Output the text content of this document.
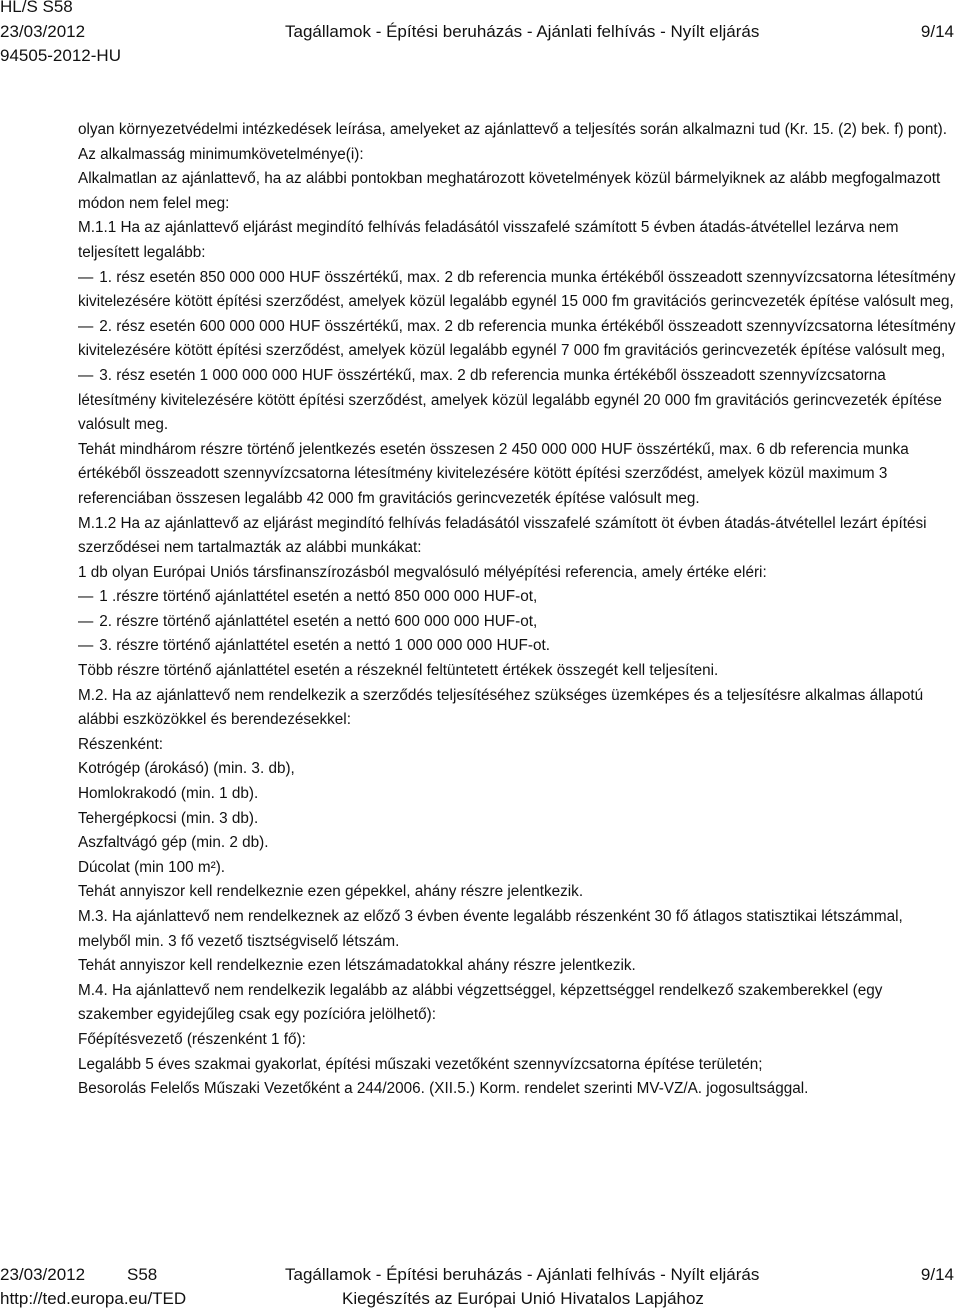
HL/S S58
23/03/2012
94505-2012-HU
Tagállamok - Építési beruházás - Ajánlati felhívás - Nyílt eljárás	9/14

olyan környezetvédelmi intézkedések leírása, amelyeket az ajánlattevő a teljesítés során alkalmazni tud (Kr. 15. (2) bek. f) pont).

Az alkalmasság minimumkövetelménye(i):

Alkalmatlan az ajánlattevő, ha az alábbi pontokban meghatározott követelmények közül bármelyiknek az alább megfogalmazott módon nem felel meg:

M.1.1 Ha az ajánlattevő eljárást megindító felhívás feladásától visszafelé számított 5 évben átadás-átvétellel lezárva nem teljesített legalább:

— 1. rész esetén 850 000 000 HUF összértékű, max. 2 db referencia munka értékéből összeadott szennyvízcsatorna létesítmény kivitelezésére kötött építési szerződést, amelyek közül legalább egynél 15 000 fm gravitációs gerincvezeték építése valósult meg,

— 2. rész esetén 600 000 000 HUF összértékű, max. 2 db referencia munka értékéből összeadott szennyvízcsatorna létesítmény kivitelezésére kötött építési szerződést, amelyek közül legalább egynél 7 000 fm gravitációs gerincvezeték építése valósult meg,

— 3. rész esetén 1 000 000 000 HUF összértékű, max. 2 db referencia munka értékéből összeadott szennyvízcsatorna létesítmény kivitelezésére kötött építési szerződést, amelyek közül legalább egynél 20 000 fm gravitációs gerincvezeték építése valósult meg.

Tehát mindhárom részre történő jelentkezés esetén összesen 2 450 000 000 HUF összértékű, max. 6 db referencia munka értékéből összeadott szennyvízcsatorna létesítmény kivitelezésére kötött építési szerződést, amelyek közül maximum 3 referenciában összesen legalább 42 000 fm gravitációs gerincvezeték építése valósult meg.

M.1.2 Ha az ajánlattevő az eljárást megindító felhívás feladásától visszafelé számított öt évben átadás-átvétellel lezárt építési szerződései nem tartalmazták az alábbi munkákat:

1 db olyan Európai Uniós társfinanszírozásból megvalósuló mélyépítési referencia, amely értéke eléri:

— 1 .részre történő ajánlattétel esetén a nettó 850 000 000 HUF-ot,

— 2. részre történő ajánlattétel esetén a nettó 600 000 000 HUF-ot,

— 3. részre történő ajánlattétel esetén a nettó 1 000 000 000 HUF-ot.

Több részre történő ajánlattétel esetén a részeknél feltüntetett értékek összegét kell teljesíteni.

M.2. Ha az ajánlattevő nem rendelkezik a szerződés teljesítéséhez szükséges üzemképes és a teljesítésre alkalmas állapotú alábbi eszközökkel és berendezésekkel:

Részenként:

Kotrógép (árokásó) (min. 3. db),

Homlokrakodó (min. 1 db).

Tehergépkocsi (min. 3 db).

Aszfaltvágó gép (min. 2 db).

Dúcolat (min 100 m²).

Tehát annyiszor kell rendelkeznie ezen gépekkel, ahány részre jelentkezik.

M.3. Ha ajánlattevő nem rendelkeznek az előző 3 évben évente legalább részenként 30 fő átlagos statisztikai létszámmal, melyből min. 3 fő vezető tisztségviselő létszám.

Tehát annyiszor kell rendelkeznie ezen létszámadatokkal ahány részre jelentkezik.

M.4. Ha ajánlattevő nem rendelkezik legalább az alábbi végzettséggel, képzettséggel rendelkező szakemberekkel (egy szakember egyidejűleg csak egy pozícióra jelölhető):

Főépítésvezető (részenként 1 fő):

Legalább 5 éves szakmai gyakorlat, építési műszaki vezetőként szennyvízcsatorna építése területén;

Besorolás Felelős Műszaki Vezetőként a 244/2006. (XII.5.) Korm. rendelet szerinti MV-VZ/A. jogosultsággal.

23/03/2012 S58
http://ted.europa.eu/TED
Tagállamok - Építési beruházás - Ajánlati felhívás - Nyílt eljárás
Kiegészítés az Európai Unió Hivatalos Lapjához
9/14
